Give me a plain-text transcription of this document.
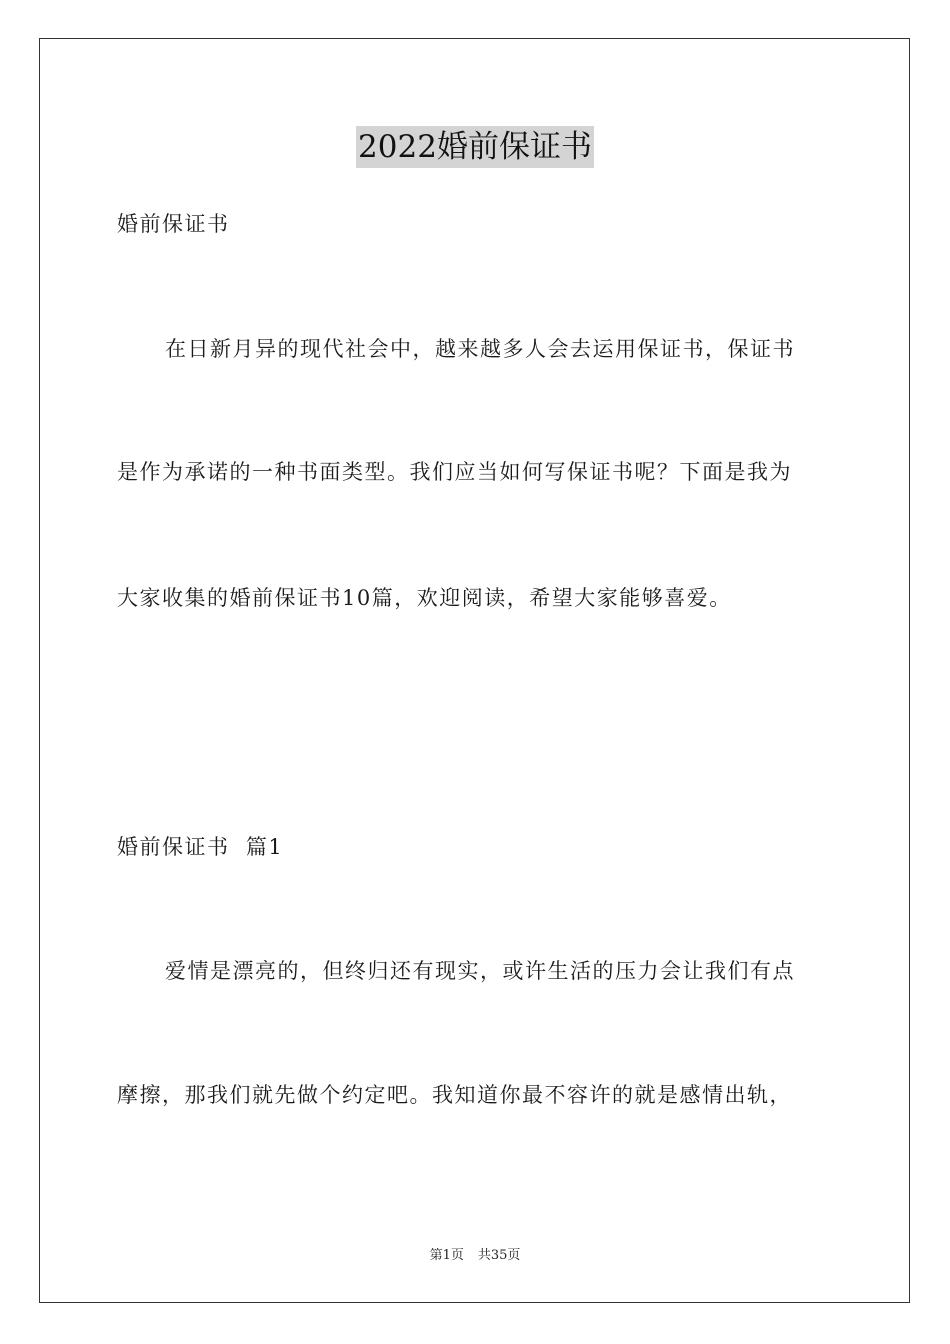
2022婚前保证书
婚前保证书
在日新月异的现代社会中，越来越多人会去运用保证书，保证书
是作为承诺的一种书面类型。我们应当如何写保证书呢？下面是我为
大家收集的婚前保证书10篇，欢迎阅读，希望大家能够喜爱。
婚前保证书  篇1
爱情是漂亮的，但终归还有现实，或许生活的压力会让我们有点
摩擦，那我们就先做个约定吧。我知道你最不容许的就是感情出轨，
第1页 共35页
